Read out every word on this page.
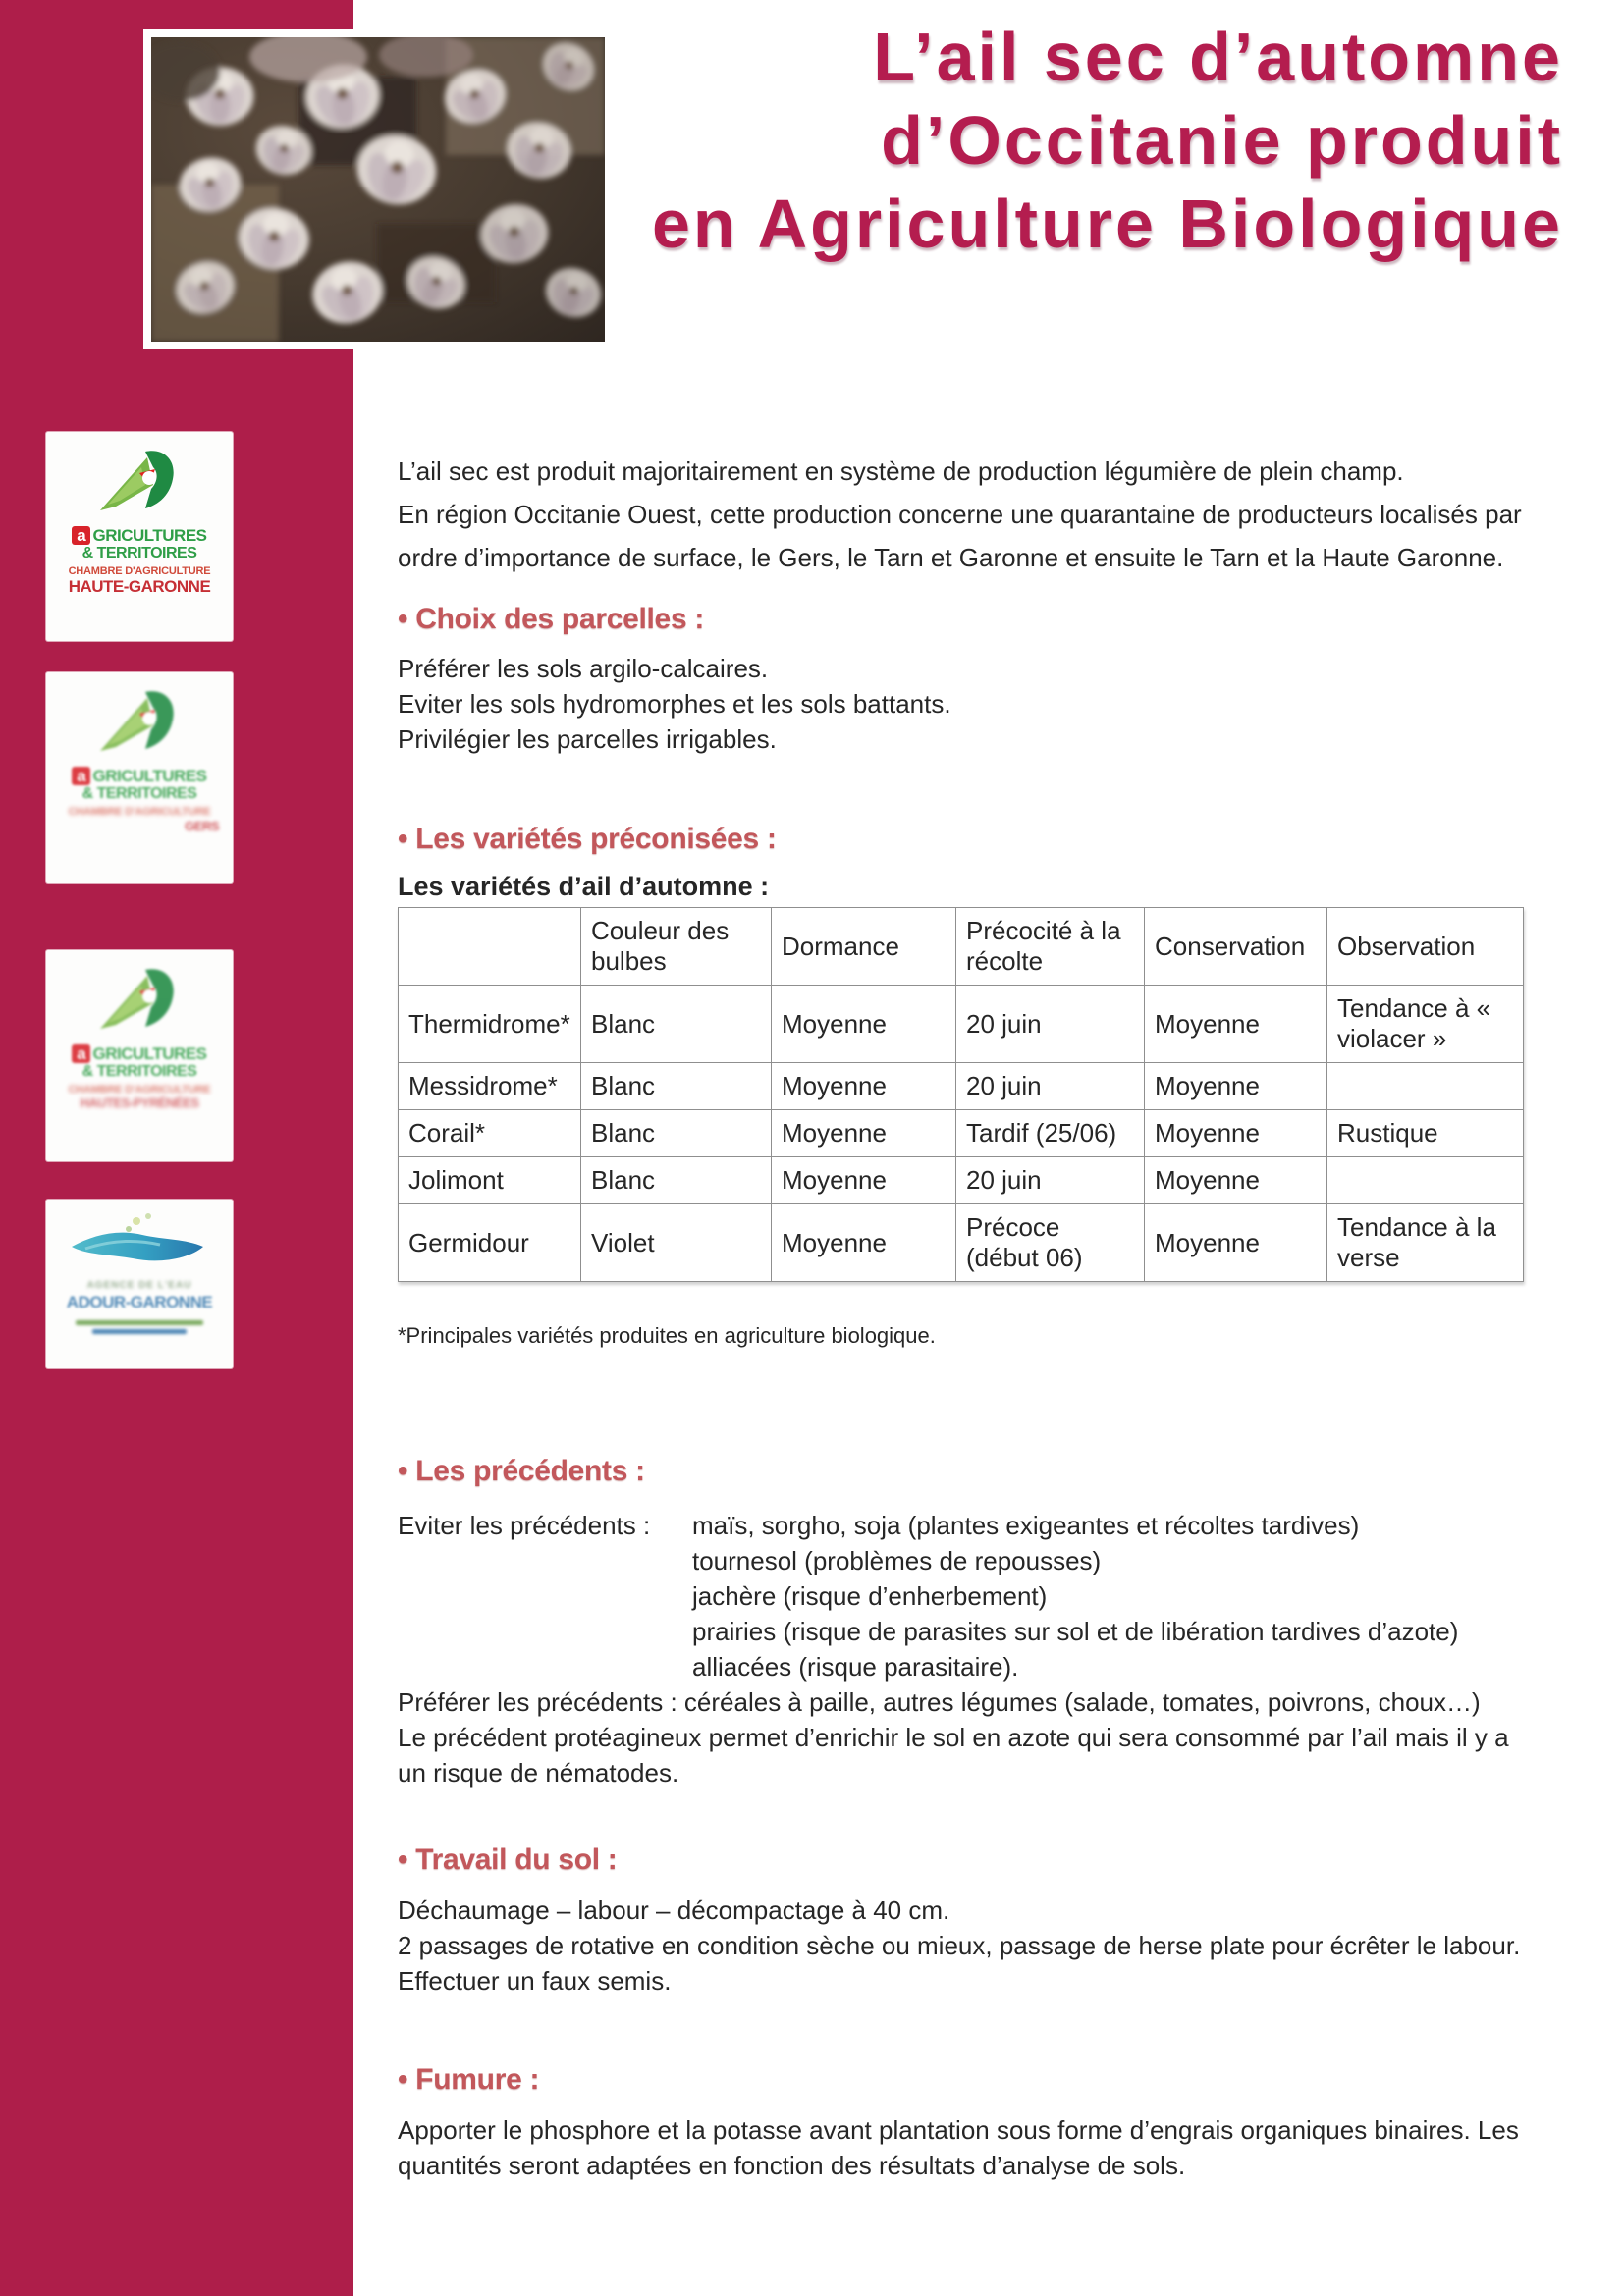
a GRICULTURES
& TERRITOIRES
CHAMBRE D'AGRICULTURE
HAUTE-GARONNE
a GRICULTURES
& TERRITOIRES
CHAMBRE D'AGRICULTURE
GERS
a GRICULTURES
& TERRITOIRES
CHAMBRE D'AGRICULTURE
HAUTES-PYRÉNÉES
AGENCE DE L'EAU
ADOUR-GARONNE
L’ail sec d’automne
d’Occitanie produit
en Agriculture Biologique
L’ail sec est produit majoritairement en système de production légumière de plein champ.
En région Occitanie Ouest, cette production concerne une quarantaine de producteurs localisés par
ordre d’importance de surface, le Gers, le Tarn et Garonne et ensuite le Tarn et la Haute Garonne.
• Choix des parcelles :
Préférer les sols argilo-calcaires.
Eviter les sols hydromorphes et les sols battants.
Privilégier les parcelles irrigables.
• Les variétés préconisées :
Les variétés d’ail d’automne :
	Couleur des bulbes	Dormance	Précocité à la récolte	Conservation	Observation
Thermidrome*	Blanc	Moyenne	20 juin	Moyenne	Tendance à « violacer »
Messidrome*	Blanc	Moyenne	20 juin	Moyenne	
Corail*	Blanc	Moyenne	Tardif (25/06)	Moyenne	Rustique
Jolimont	Blanc	Moyenne	20 juin	Moyenne	
Germidour	Violet	Moyenne	Précoce (début 06)	Moyenne	Tendance à la verse
*Principales variétés produites en agriculture biologique.
• Les précédents :
Eviter les précédents :	maïs, sorgho, soja (plantes exigeantes et récoltes tardives)
tournesol (problèmes de repousses)
jachère (risque d’enherbement)
prairies (risque de parasites sur sol et de libération tardives d’azote)
alliacées (risque parasitaire).
Préférer les précédents : céréales à paille, autres légumes (salade, tomates, poivrons, choux…)
Le précédent protéagineux permet d’enrichir le sol en azote qui sera consommé par l’ail mais il y a
un risque de nématodes.
• Travail du sol :
Déchaumage – labour – décompactage à 40 cm.
2 passages de rotative en condition sèche ou mieux, passage de herse plate pour écrêter le labour.
Effectuer un faux semis.
• Fumure :
Apporter le phosphore et la potasse avant plantation sous forme d’engrais organiques binaires. Les
quantités seront adaptées en fonction des résultats d’analyse de sols.
